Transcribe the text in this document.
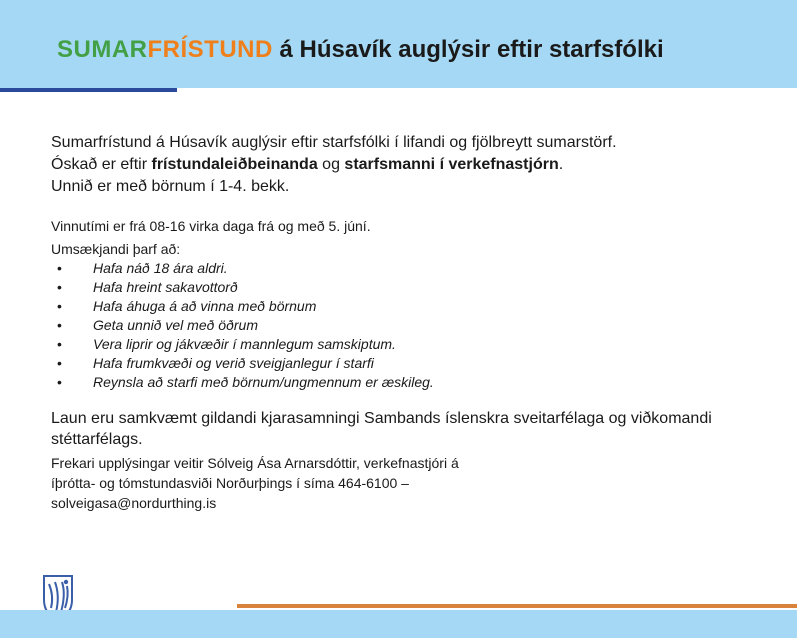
SUMARFRÍSTUND á Húsavík auglýsir eftir starfsfólki

Sumarfrístund á Húsavík auglýsir eftir starfsfólki í lifandi og fjölbreytt sumarstörf.
Óskað er eftir frístundaleiðbeinanda og starfsmanni í verkefnastjórn.
Unnið er með börnum í 1-4. bekk.

Vinnutími er frá 08-16 virka daga frá og með 5. júní.

Umsækjandi þarf að:

• Hafa náð 18 ára aldri.
• Hafa hreint sakavottorð
• Hafa áhuga á að vinna með börnum
• Geta unnið vel með öðrum
• Vera liprir og jákvæðir í mannlegum samskiptum.
• Hafa frumkvæði og verið sveigjanlegur í starfi
• Reynsla að starfi með börnum/ungmennum er æskileg.

Laun eru samkvæmt gildandi kjarasamningi Sambands íslenskra sveitarfélaga og viðkomandi stéttarfélags.

Frekari upplýsingar veitir Sólveig Ása Arnarsdóttir, verkefnastjóri á
íþrótta- og tómstundasviði Norðurþings í síma 464-6100 –
solveigasa@nordurthing.is
